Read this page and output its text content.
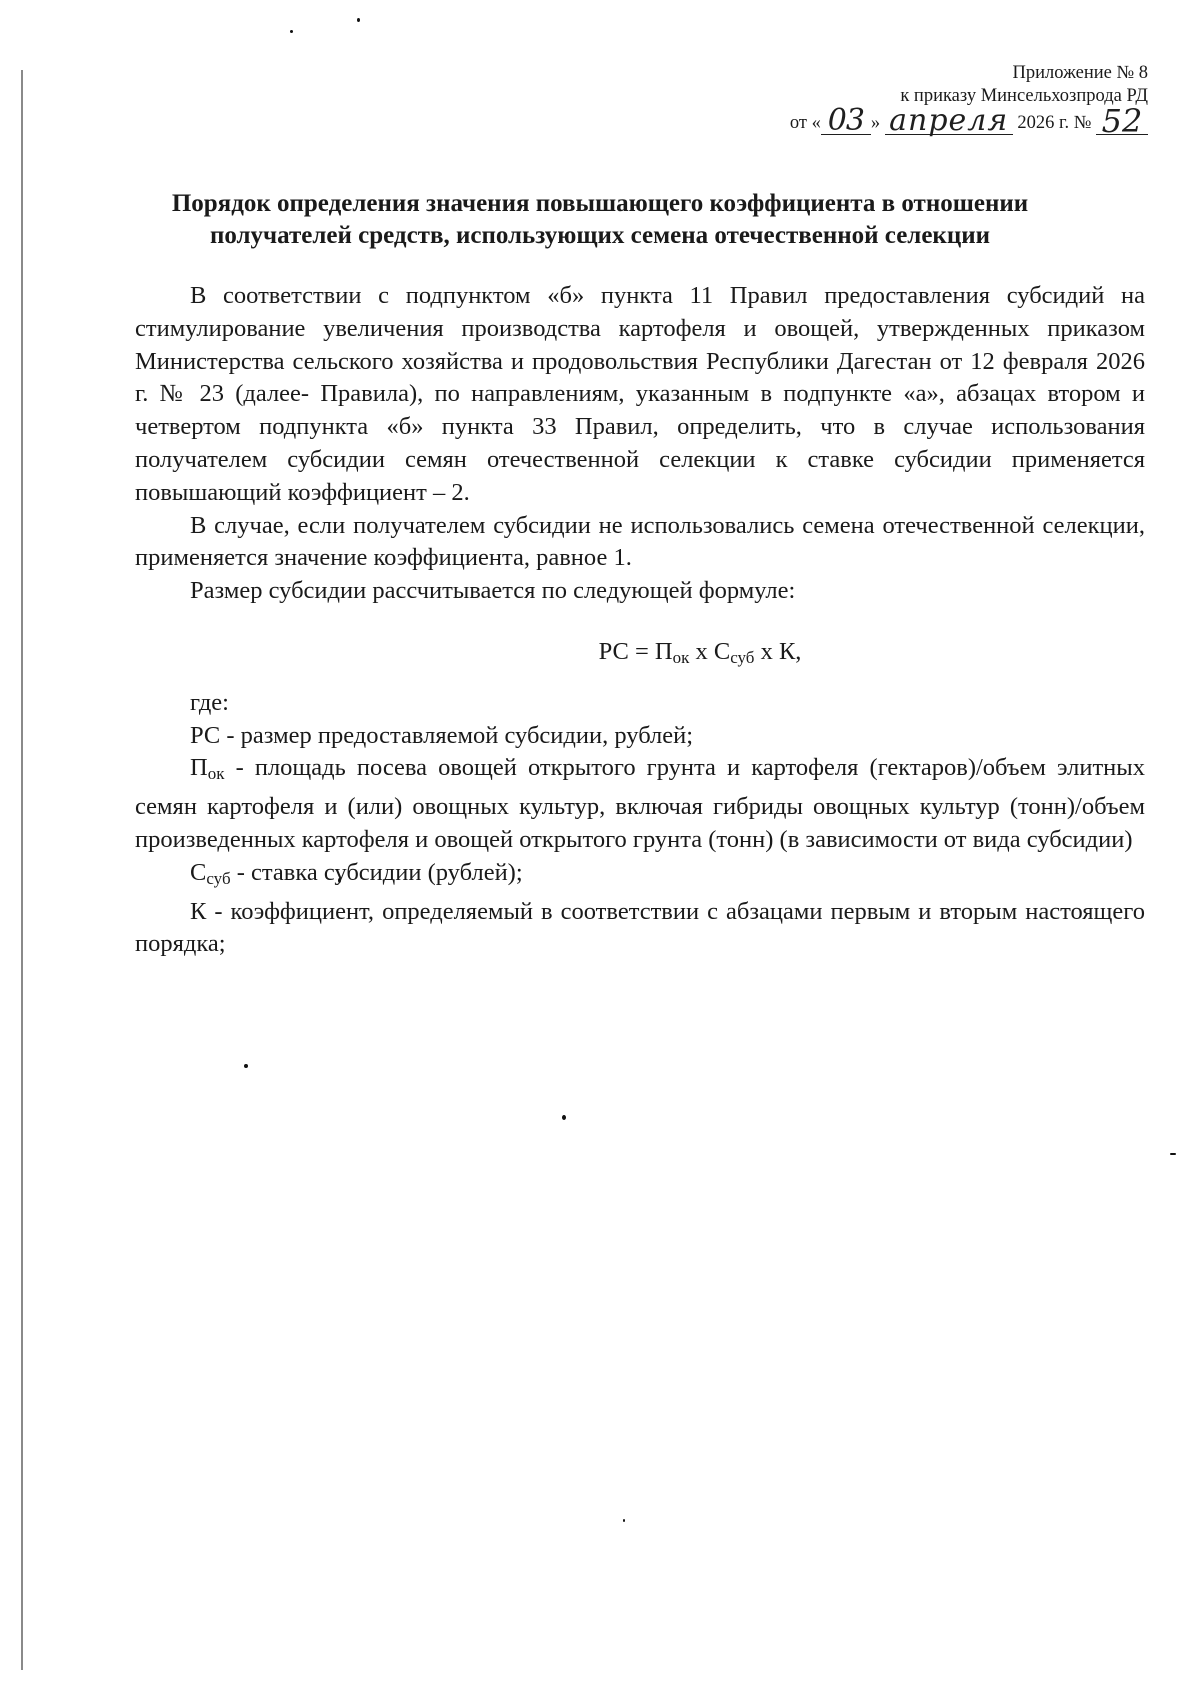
Приложение № 8
к приказу Минсельхозпрода РД
от « 03 » апреля 2026 г. № 52
Порядок определения значения повышающего коэффициента в отношении
получателей средств, использующих семена отечественной селекции

В соответствии с подпунктом «б» пункта 11 Правил предоставления субсидий на стимулирование увеличения производства картофеля и овощей, утвержденных приказом Министерства сельского хозяйства и продовольствия Республики Дагестан от 12 февраля 2026 г. № 23 (далее- Правила), по направлениям, указанным в подпункте «а», абзацах втором и четвертом подпункта «б» пункта 33 Правил, определить, что в случае использования получателем субсидии семян отечественной селекции к ставке субсидии применяется повышающий коэффициент – 2.

В случае, если получателем субсидии не использовались семена отечественной селекции, применяется значение коэффициента, равное 1.

Размер субсидии рассчитывается по следующей формуле:

РС = $П_{ок}$ х $С_{суб}$ х К,

где:

РС - размер предоставляемой субсидии, рублей;

$П_{ок}$ - площадь посева овощей открытого грунта и картофеля (гектаров)/объем элитных семян картофеля и (или) овощных культур, включая гибриды овощных культур (тонн)/объем произведенных картофеля и овощей открытого грунта (тонн) (в зависимости от вида субсидии)

$С_{суб}$ - ставка субсидии (рублей);

К - коэффициент, определяемый в соответствии с абзацами первым и вторым настоящего порядка;
